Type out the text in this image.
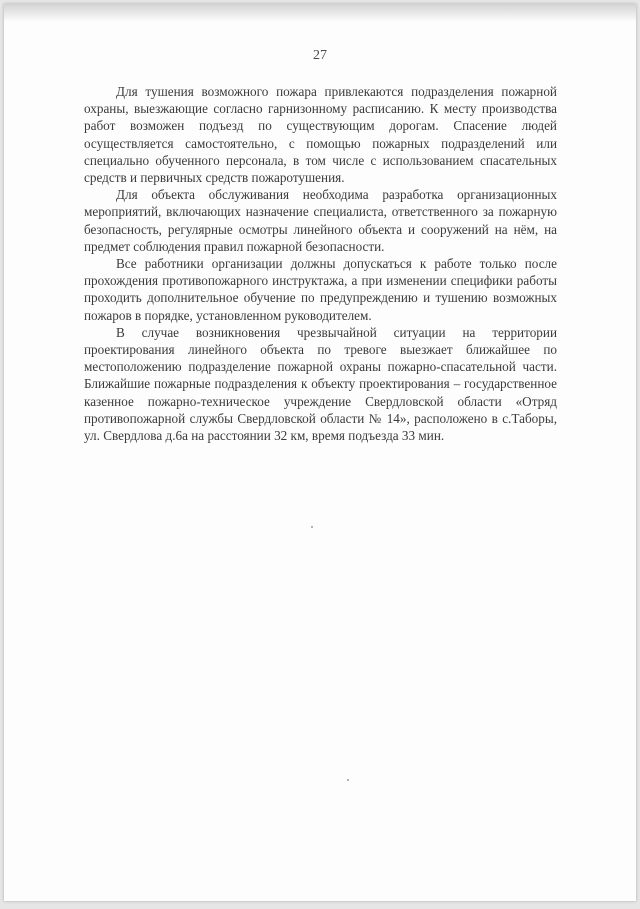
27

Для тушения возможного пожара привлекаются подразделения пожарной охраны, выезжающие согласно гарнизонному расписанию. К месту производства работ возможен подъезд по существующим дорогам. Спасение людей осуществляется самостоятельно, с помощью пожарных подразделений или специально обученного персонала, в том числе с использованием спасательных средств и первичных средств пожаротушения.

Для объекта обслуживания необходима разработка организационных мероприятий, включающих назначение специалиста, ответственного за пожарную безопасность, регулярные осмотры линейного объекта и сооружений на нём, на предмет соблюдения правил пожарной безопасности.

Все работники организации должны допускаться к работе только после прохождения противопожарного инструктажа, а при изменении специфики работы проходить дополнительное обучение по предупреждению и тушению возможных пожаров в порядке, установленном руководителем.

В случае возникновения чрезвычайной ситуации на территории проектирования линейного объекта по тревоге выезжает ближайшее по местоположению подразделение пожарной охраны пожарно-спасательной части. Ближайшие пожарные подразделения к объекту проектирования – государственное казенное пожарно-техническое учреждение Свердловской области «Отряд противопожарной службы Свердловской области № 14», расположено в с.Таборы, ул. Свердлова д.6а на расстоянии 32 км, время подъезда 33 мин.
